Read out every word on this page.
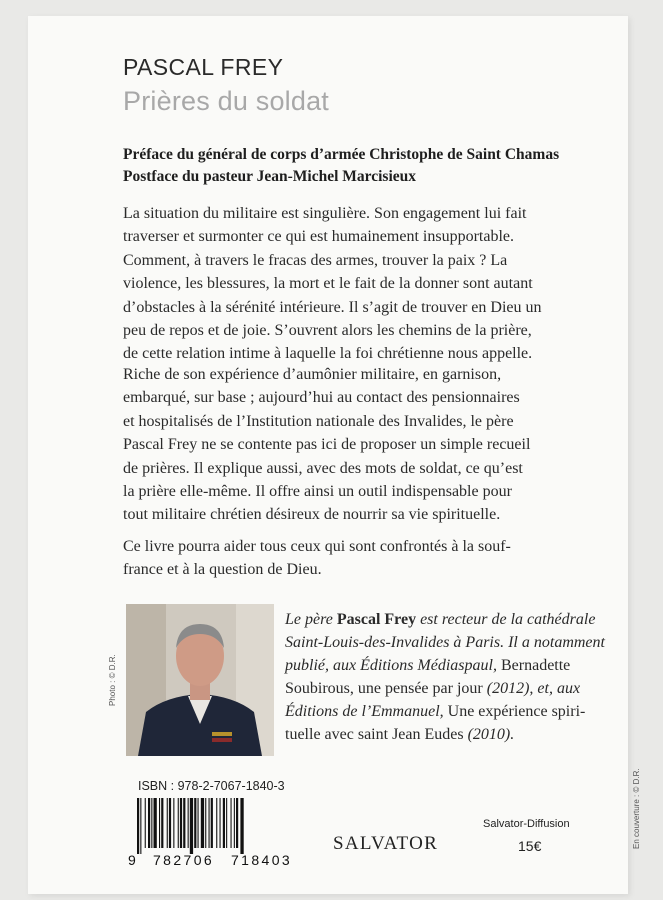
PASCAL FREY
Prières du soldat
Préface du général de corps d’armée Christophe de Saint Chamas
Postface du pasteur Jean-Michel Marcisieux
La situation du militaire est singulière. Son engagement lui fait
traverser et surmonter ce qui est humainement insupportable.
Comment, à travers le fracas des armes, trouver la paix ? La
violence, les blessures, la mort et le fait de la donner sont autant
d’obstacles à la sérénité intérieure. Il s’agit de trouver en Dieu un
peu de repos et de joie. S’ouvrent alors les chemins de la prière,
de cette relation intime à laquelle la foi chrétienne nous appelle.
Riche de son expérience d’aumônier militaire, en garnison,
embarqué, sur base ; aujourd’hui au contact des pensionnaires
et hospitalisés de l’Institution nationale des Invalides, le père
Pascal Frey ne se contente pas ici de proposer un simple recueil
de prières. Il explique aussi, avec des mots de soldat, ce qu’est
la prière elle-même. Il offre ainsi un outil indispensable pour
tout militaire chrétien désireux de nourrir sa vie spirituelle.
Ce livre pourra aider tous ceux qui sont confrontés à la souf-
france et à la question de Dieu.
Photo : © D.R.
Le père Pascal Frey est recteur de la cathédrale
Saint-Louis-des-Invalides à Paris. Il a notamment
publié, aux Éditions Médiaspaul, Bernadette
Soubirous, une pensée par jour (2012), et, aux
Éditions de l’Emmanuel, Une expérience spiri-
tuelle avec saint Jean Eudes (2010).
ISBN : 978-2-7067-1840-3
9 782706 718403
SALVATOR
Salvator-Diffusion
15€	En couverture : © D.R.
